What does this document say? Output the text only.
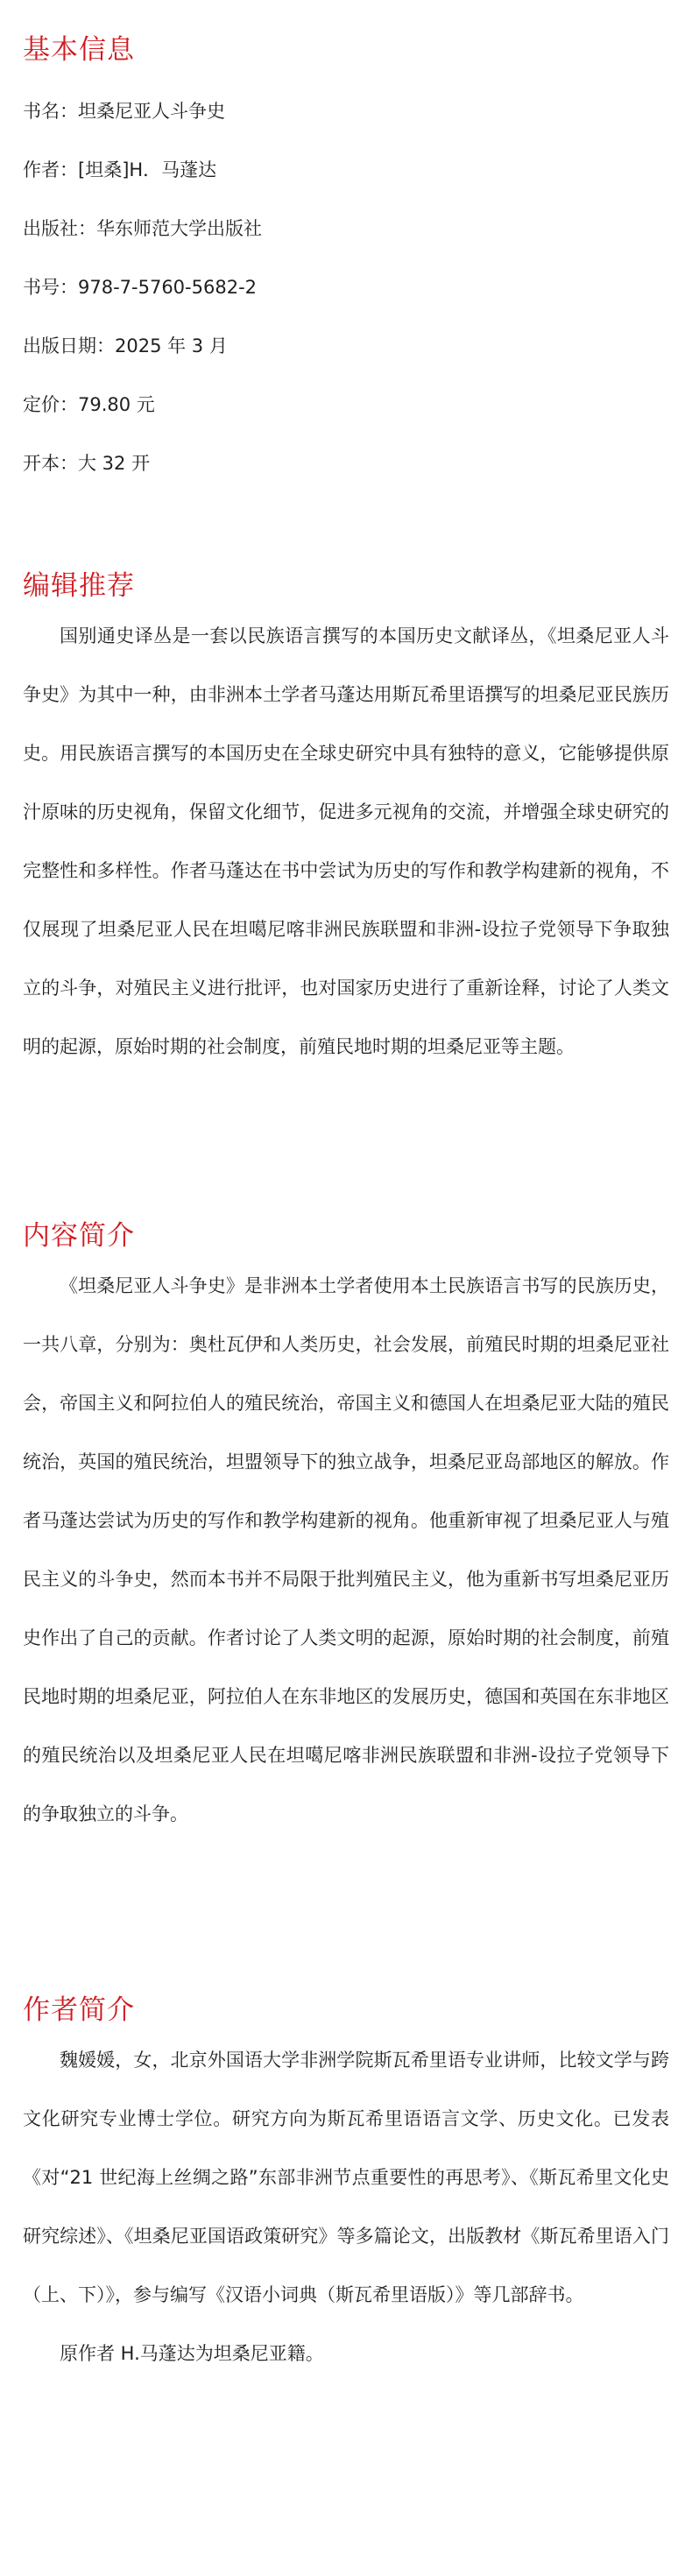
基本信息

书名：坦桑尼亚人斗争史

作者：[坦桑]H．马蓬达

出版社：华东师范大学出版社

书号：978-7-5760-5682-2

出版日期：2025 年 3 月

定价：79.80 元

开本：大 32 开

编辑推荐

国别通史译丛是一套以民族语言撰写的本国历史文献译丛，《坦桑尼亚人斗争史》为其中一种，由非洲本土学者马蓬达用斯瓦希里语撰写的坦桑尼亚民族历史。用民族语言撰写的本国历史在全球史研究中具有独特的意义，它能够提供原汁原味的历史视角，保留文化细节，促进多元视角的交流，并增强全球史研究的完整性和多样性。作者马蓬达在书中尝试为历史的写作和教学构建新的视角，不仅展现了坦桑尼亚人民在坦噶尼喀非洲民族联盟和非洲-设拉子党领导下争取独立的斗争，对殖民主义进行批评，也对国家历史进行了重新诠释，讨论了人类文明的起源，原始时期的社会制度，前殖民地时期的坦桑尼亚等主题。

内容简介

《坦桑尼亚人斗争史》是非洲本土学者使用本土民族语言书写的民族历史，一共八章，分别为：奥杜瓦伊和人类历史，社会发展，前殖民时期的坦桑尼亚社会，帝国主义和阿拉伯人的殖民统治，帝国主义和德国人在坦桑尼亚大陆的殖民统治，英国的殖民统治，坦盟领导下的独立战争，坦桑尼亚岛部地区的解放。作者马蓬达尝试为历史的写作和教学构建新的视角。他重新审视了坦桑尼亚人与殖民主义的斗争史，然而本书并不局限于批判殖民主义，他为重新书写坦桑尼亚历史作出了自己的贡献。作者讨论了人类文明的起源，原始时期的社会制度，前殖民地时期的坦桑尼亚，阿拉伯人在东非地区的发展历史，德国和英国在东非地区的殖民统治以及坦桑尼亚人民在坦噶尼喀非洲民族联盟和非洲-设拉子党领导下的争取独立的斗争。

作者简介

魏媛媛，女，北京外国语大学非洲学院斯瓦希里语专业讲师，比较文学与跨文化研究专业博士学位。研究方向为斯瓦希里语语言文学、历史文化。已发表《对“21 世纪海上丝绸之路”东部非洲节点重要性的再思考》、《斯瓦希里文化史研究综述》、《坦桑尼亚国语政策研究》等多篇论文，出版教材《斯瓦希里语入门（上、下）》，参与编写《汉语小词典（斯瓦希里语版）》等几部辞书。

原作者 H.马蓬达为坦桑尼亚籍。
